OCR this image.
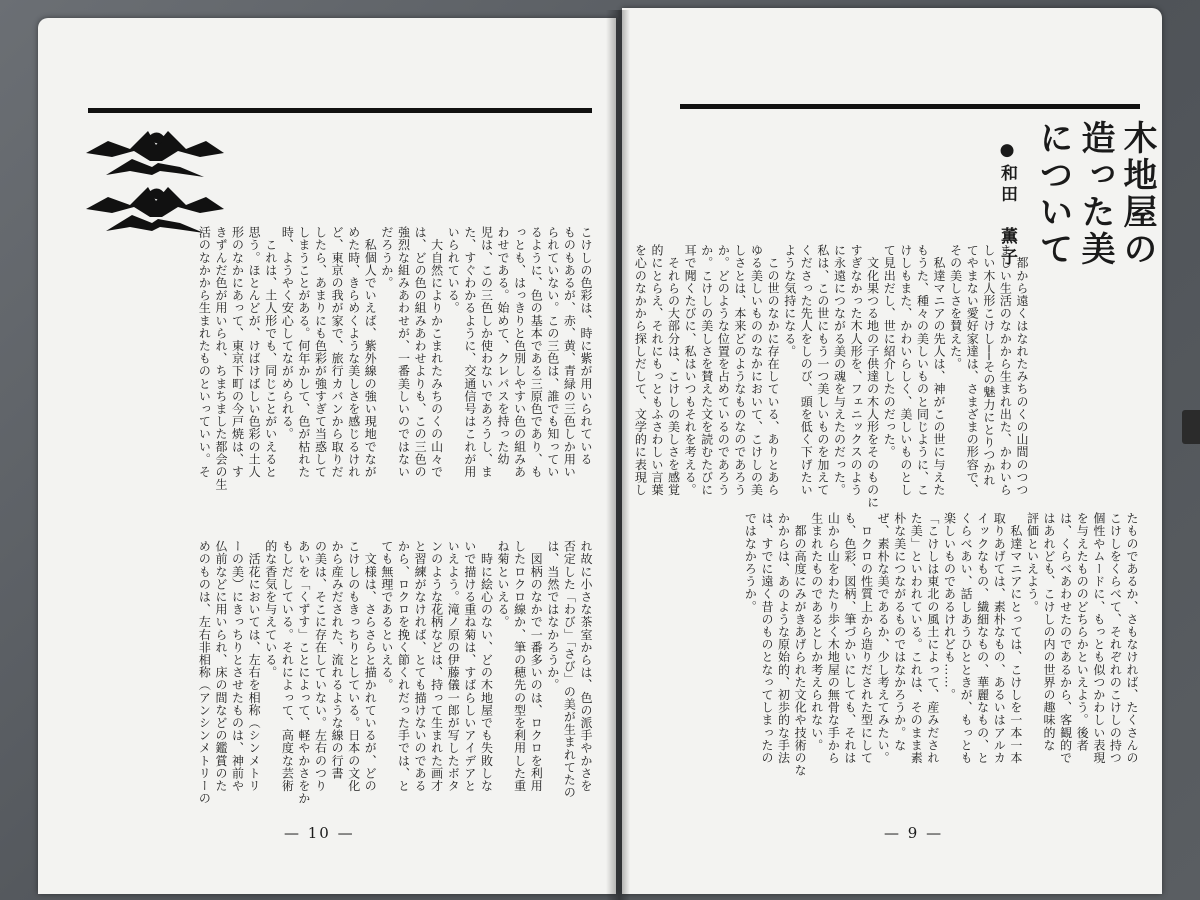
こけしの色彩は、時に紫が用いられている

ものもあるが、赤、黄、青緑の三色しか用い

られていない。この三色は、誰でも知ってい

るように、色の基本である三原色であり、も

っとも、はっきりと色別しやすい色の組みあ

わせである。始めて、クレパスを持った幼

児は、この三色しか使わないであろうし、ま

た、すぐわかるように、交通信号はこれが用

いられている。

　大自然によりかこまれたみちのくの山々で

は、どの色の組みあわせよりも、この三色の

強烈な組みあわせが、一番美しいのではない

だろうか。

　私個人でいえば、紫外線の強い現地でなが

めた時、きらめくような美しさを感じるけれ

ど、東京の我が家で、旅行カバンから取りだ

したら、あまりにも色彩が強すぎて当惑して

しまうことがある。何年かして、色が枯れた

時、ようやく安心してながめられる。

　これは、土人形でも、同じことがいえると

思う。ほとんどが、けばけばしい色彩の土人

形のなかにあって、東京下町の今戸焼は、す

きずんだ色が用いられ、ちまちました都会の生

活のなかから生まれたものといっていい。そ

れ故に小さな茶室からは、色の派手やかさを

否定した「わび」「さび」の美が生まれてたの

は、当然ではなかろうか。

　図柄のなかで一番多いのは、ロクロを利用

したロクロ線か、筆の穂先の型を利用した重

ね菊といえる。

　時に絵心のない、どの木地屋でも失敗しな

いで描ける重ね菊は、すばらしいアイデアと

いえよう。滝ノ原の伊藤儀一郎が写したボタ

ンのような花柄などは、持って生まれた画才

と習練がなければ、とても描けないのである

から、ロクロを挽く節くれだった手では、と

ても無理であるといえる。

　文様は、さらさらと描かれているが、どの

こけしのもきっちりとしている。日本の文化

から産みだされた、流れるような線の行書

の美は、そこに存在していない。左右のつり

あいを「くずす」ことによって、軽やかさをか

もしだしている。それによって、高度な芸術

的な香気を与えている。

　活花においては、左右を相称（シンメトリ

ーの美）にきっちりとさせたものは、神前や

仏前などに用いられ、床の間などの鑑賞のた

めのものは、左右非相称（アンシンメトリーの

— 10 —
木地屋の
造った美
について
●和田　薫子

　都から遠くはなれたみちのくの山間のつつ

ましい生活のなかから生まれ出た、かわいら

しい木人形こけし──その魅力にとりつかれ

てやまない愛好家達は、さまざまの形容で、

その美しさを賛えた。

　私達マニアの先人は、神がこの世に与えた

もうた、種々の美しいものと同じように、こ

けしもまた、かわいらしく、美しいものとし

て見出だし、世に紹介したのだった。

　文化果つる地の子供達の木人形をそのものに

すぎなかった木人形を、フェニックスのよう

に永遠につながる美の魂を与えたのだった。

私は、この世にもう一つ美しいものを加えて

くださった先人をしのび、頭を低く下げたい

ような気持になる。

　この世のなかに存在している、ありとあら

ゆる美しいもののなかにおいて、こけしの美

しさとは、本来どのようなものなのであろう

か。どのような位置を占めているのであろう

か。こけしの美しさを賛えた文を読むたびに

耳で聞くたびに、私はいつもそれを考える。

　それらの大部分は、こけしの美しさを感覚

的にとらえ、それにもっともふさわしい言葉

を心のなかから探しだして、文学的に表現し

たものであるか、さもなければ、たくさんの

こけしをくらべて、それぞれのこけしの持つ

個性やムードに、もっとも似つかわしい表現

を与えたもののどちらかといえよう。後者

は、くらべあわせたのであるから、客観的で

はあれども、こけしの内の世界の趣味的な

評価といえよう。

　私達マニアにとっては、こけしを一本一本

取りあげては、素朴なもの、あるいはアルカ

イックなもの、繊細なもの、華麗なもの、と

くらべあい、話しあうひとときが、もっとも

楽しいものであるけれども……。

「こけしは東北の風土によって、産みだされ

た美」といわれている。これは、そのまま素

朴な美につながるものではなかろうか。な

ぜ、素朴な美であるか、少し考えてみたい。

　ロクロの性質上から造りだされた型にして

も、色彩、図柄、筆づかいにしても、それは

山から山をわたり歩く木地屋の無骨な手から

生まれたものであるとしか考えられない。

　都の高度にみがきあげられた文化や技術のな

かからは、あのような原始的、初歩的な手法

は、すでに遠く昔のものとなってしまったの

ではなかろうか。

— 9 —
